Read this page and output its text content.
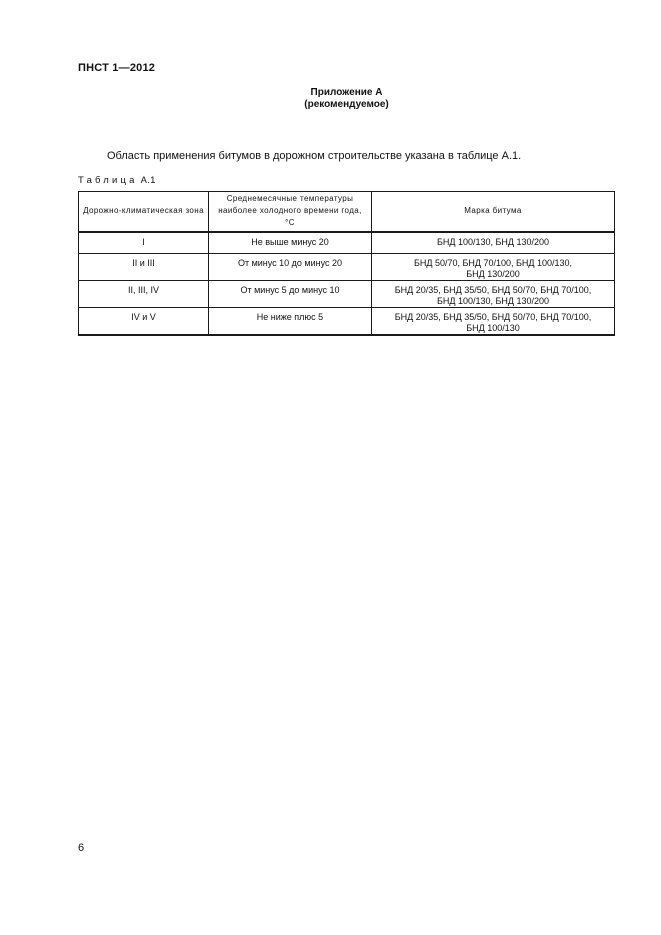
ПНСТ 1—2012
Приложение А
(рекомендуемое)
Область применения битумов в дорожном строительстве указана в таблице А.1.
Таблица А.1
Дорожно-климатическая зона	Среднемесячные температуры наиболее холодного времени года, °С	Марка битума
I	Не выше минус 20	БНД 100/130, БНД 130/200

II и III	От минус 10 до минус 20	БНД 50/70, БНД 70/100, БНД 100/130,
БНД 130/200

II, III, IV	От минус 5 до минус 10	БНД 20/35, БНД 35/50, БНД 50/70, БНД 70/100,
БНД 100/130, БНД 130/200

IV и V	Не ниже плюс 5	БНД 20/35, БНД 35/50, БНД 50/70, БНД 70/100,
БНД 100/130
6
